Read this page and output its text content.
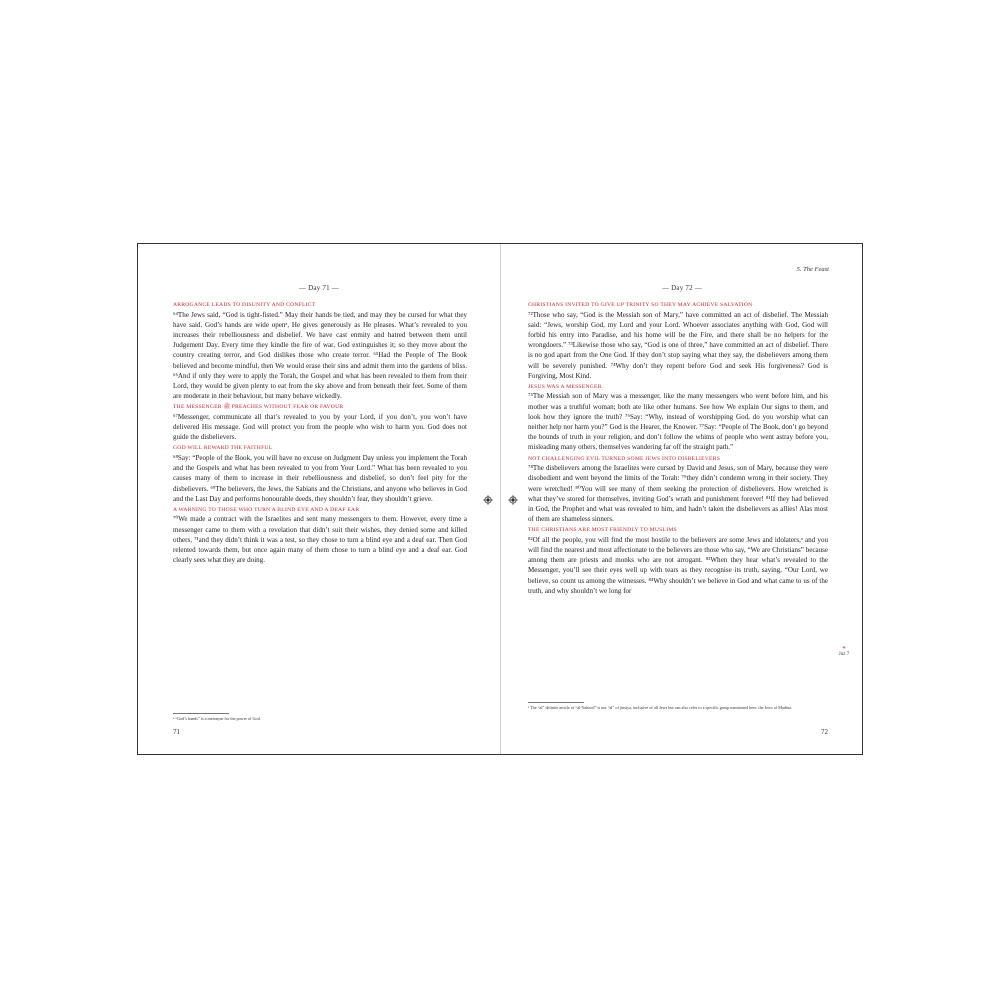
— Day 71 —

ARROGANCE LEADS TO DISUNITY AND CONFLICT

⁶⁴The Jews said, “God is tight-fisted.” May their hands be tied, and may they be cursed for what they have said. God’s hands are wide openᵃ, He gives generously as He pleases. What’s revealed to you increases their rebelliousness and disbelief. We have cast enmity and hatred between them until Judgement Day. Every time they kindle the fire of war, God extinguishes it; so they move about the country creating terror, and God dislikes those who create terror. ⁶⁵Had the People of The Book believed and become mindful, then We would erase their sins and admit them into the gardens of bliss. ⁶⁶And if only they were to apply the Torah, the Gospel and what has been revealed to them from their Lord, they would be given plenty to eat from the sky above and from beneath their feet. Some of them are moderate in their behaviour, but many behave wickedly.

THE MESSENGER ﷺ PREACHES WITHOUT FEAR OR FAVOUR

⁶⁷Messenger, communicate all that’s revealed to you by your Lord, if you don’t, you won’t have delivered His message. God will protect you from the people who wish to harm you. God does not guide the disbelievers.

GOD WILL REWARD THE FAITHFUL

⁶⁸Say: “People of the Book, you will have no excuse on Judgment Day unless you implement the Torah and the Gospels and what has been revealed to you from Your Lord.” What has been revealed to you causes many of them to increase in their rebelliousness and disbelief, so don’t feel pity for the disbelievers. ⁶⁹The believers, the Jews, the Sabians and the Christians, and anyone who believes in God and the Last Day and performs honourable deeds, they shouldn’t fear, they shouldn’t grieve.

A WARNING TO THOSE WHO TURN A BLIND EYE AND A DEAF EAR

⁷⁰We made a contract with the Israelites and sent many messengers to them. However, every time a messenger came to them with a revelation that didn’t suit their wishes, they denied some and killed others, ⁷¹and they didn’t think it was a test, so they chose to turn a blind eye and a deaf ear. Then God relented towards them, but once again many of them chose to turn a blind eye and a deaf ear. God clearly sees what they are doing.

ᵃ “God’s hands” is a metonym for the power of God.

71

5. The Feast

— Day 72 —

CHRISTIANS INVITED TO GIVE UP TRINITY SO THEY MAY ACHIEVE SALVATION

⁷²Those who say, “God is the Messiah son of Mary,” have committed an act of disbelief. The Messiah said: “Jews, worship God, my Lord and your Lord. Whoever associates anything with God, God will forbid his entry into Paradise, and his home will be the Fire, and there shall be no helpers for the wrongdoers.” ⁷³Likewise those who say, “God is one of three,” have committed an act of disbelief. There is no god apart from the One God. If they don’t stop saying what they say, the disbelievers among them will be severely punished. ⁷⁴Why don’t they repent before God and seek His forgiveness? God is Forgiving, Most Kind.

JESUS WAS A MESSENGER

⁷⁵The Messiah son of Mary was a messenger, like the many messengers who went before him, and his mother was a truthful woman; both ate like other humans. See how We explain Our signs to them, and look how they ignore the truth? ⁷⁶Say: “Why, instead of worshipping God, do you worship what can neither help nor harm you?” God is the Hearer, the Knower. ⁷⁷Say: “People of The Book, don’t go beyond the bounds of truth in your religion, and don’t follow the whims of people who went astray before you, misleading many others, themselves wandering far off the straight path.”

NOT CHALLENGING EVIL TURNED SOME JEWS INTO DISBELIEVERS

⁷⁸The disbelievers among the Israelites were cursed by David and Jesus, son of Mary, because they were disobedient and went beyond the limits of the Torah: ⁷⁹they didn’t condemn wrong in their society. They were wretched! ⁸⁰You will see many of them seeking the protection of disbelievers. How wretched is what they’ve stored for themselves, inviting God’s wrath and punishment forever! ⁸¹If they had believed in God, the Prophet and what was revealed to him, and hadn’t taken the disbelievers as allies! Alas most of them are shameless sinners.

THE CHRISTIANS ARE MOST FRIENDLY TO MUSLIMS

⁸²Of all the people, you will find the most hostile to the believers are some Jews and idolaters,ᵃ and you will find the nearest and most affectionate to the believers are those who say, “We are Christians” because among them are priests and monks who are not arrogant. ⁸³When they hear what’s revealed to the Messenger, you’ll see their eyes well up with tears as they recognise its truth, saying, “Our Lord, we believe, so count us among the witnesses. ⁸⁴Why shouldn’t we believe in God and what came to us of the truth, and why shouldn’t we long for

*
Juz 7

ᵃ The “al” definite article of “al-Yahood” is not “al” of jinsiya, inclusive of all Jews but can also refer to a specific group mentioned here, the Jews of Madina.

72
